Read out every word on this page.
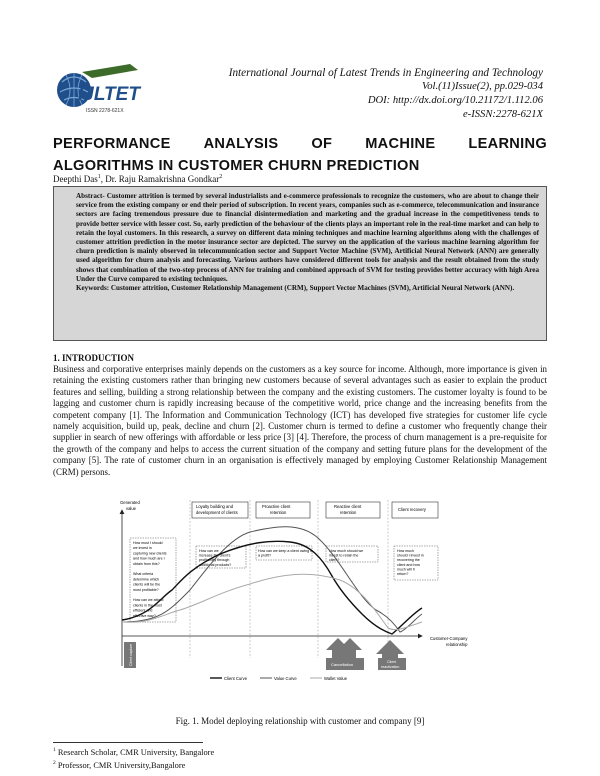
IJLTET
ISSN 2278-621X
International Journal of Latest Trends in Engineering and Technology
Vol.(11)Issue(2), pp.029-034
DOI: http://dx.doi.org/10.21172/1.112.06
e-ISSN:2278-621X
PERFORMANCE ANALYSIS OF MACHINE LEARNING
ALGORITHMS IN CUSTOMER CHURN PREDICTION
Deepthi Das$^1$, Dr. Raju Ramakrishna Gondkar$^2$

Abstract- Customer attrition is termed by several industrialists and e-commerce professionals to recognize the customers, who are about to change their service from the existing company or end their period of subscription. In recent years, companies such as e-commerce, telecommunication and insurance sectors are facing tremendous pressure due to financial disintermediation and marketing and the gradual increase in the competitiveness tends to provide better service with lesser cost. So, early prediction of the behaviour of the clients plays an important role in the real-time market and can help to retain the loyal customers. In this research, a survey on different data mining techniques and machine learning algorithms along with the challenges of customer attrition prediction in the motor insurance sector are depicted. The survey on the application of the various machine learning algorithm for churn prediction is mainly observed in telecommunication sector and Support Vector Machine (SVM), Artificial Neural Network (ANN) are generally used algorithm for churn analysis and forecasting. Various authors have considered different tools for analysis and the result obtained from the study shows that combination of the two-step process of ANN for training and combined approach of SVM for testing provides better accuracy with high Area Under the Curve compared to existing techniques.

Keywords: Customer attrition, Customer Relationship Management (CRM), Support Vector Machines (SVM), Artificial Neural Network (ANN).

1. INTRODUCTION

Business and corporative enterprises mainly depends on the customers as a key source for income. Although, more importance is given in retaining the existing customers rather than bringing new customers because of several advantages such as easier to explain the product features and selling, building a strong relationship between the company and the existing customers. The customer loyalty is found to be lagging and customer churn is rapidly increasing because of the competitive world, price change and the increasing benefits from the competent company [1]. The Information and Communication Technology (ICT) has developed five strategies for customer life cycle namely acquisition, build up, peak, decline and churn [2]. Customer churn is termed to define a customer who frequently change their supplier in search of new offerings with affordable or less price [3] [4]. Therefore, the process of churn management is a pre-requisite for the growth of the company and helps to access the current situation of the company and setting future plans for the development of the company [5]. The rate of customer churn in an organisation is effectively managed by employing Customer Relationship Management (CRM) persons.

Generated
value
Customer-Company
relationship
Loyalty building and
development of clients
Proactive client
retention
Reactive client
retention
Client recovery
How must I should
we invest in
capturing new clients
and how much are I
obtain from this?
What criteria
determine which
clients will be the
most profitable?
How can we attract
clients in the most
efficient and
effective way?
How can we
increase the client's
profitability through
additional products?
How can we keep a client owing in
a profit?
How much should we
invest to retain the
client?
How much
should I invest in
recovering the
client and how
much will it
return?
Client capture	Cancellation	Client
reactivation
Client Curve	Value Curve	Wallet Value
Fig. 1. Model deploying relationship with customer and company [9]
$^1$ Research Scholar, CMR University, Bangalore
$^2$ Professor, CMR University,Bangalore
